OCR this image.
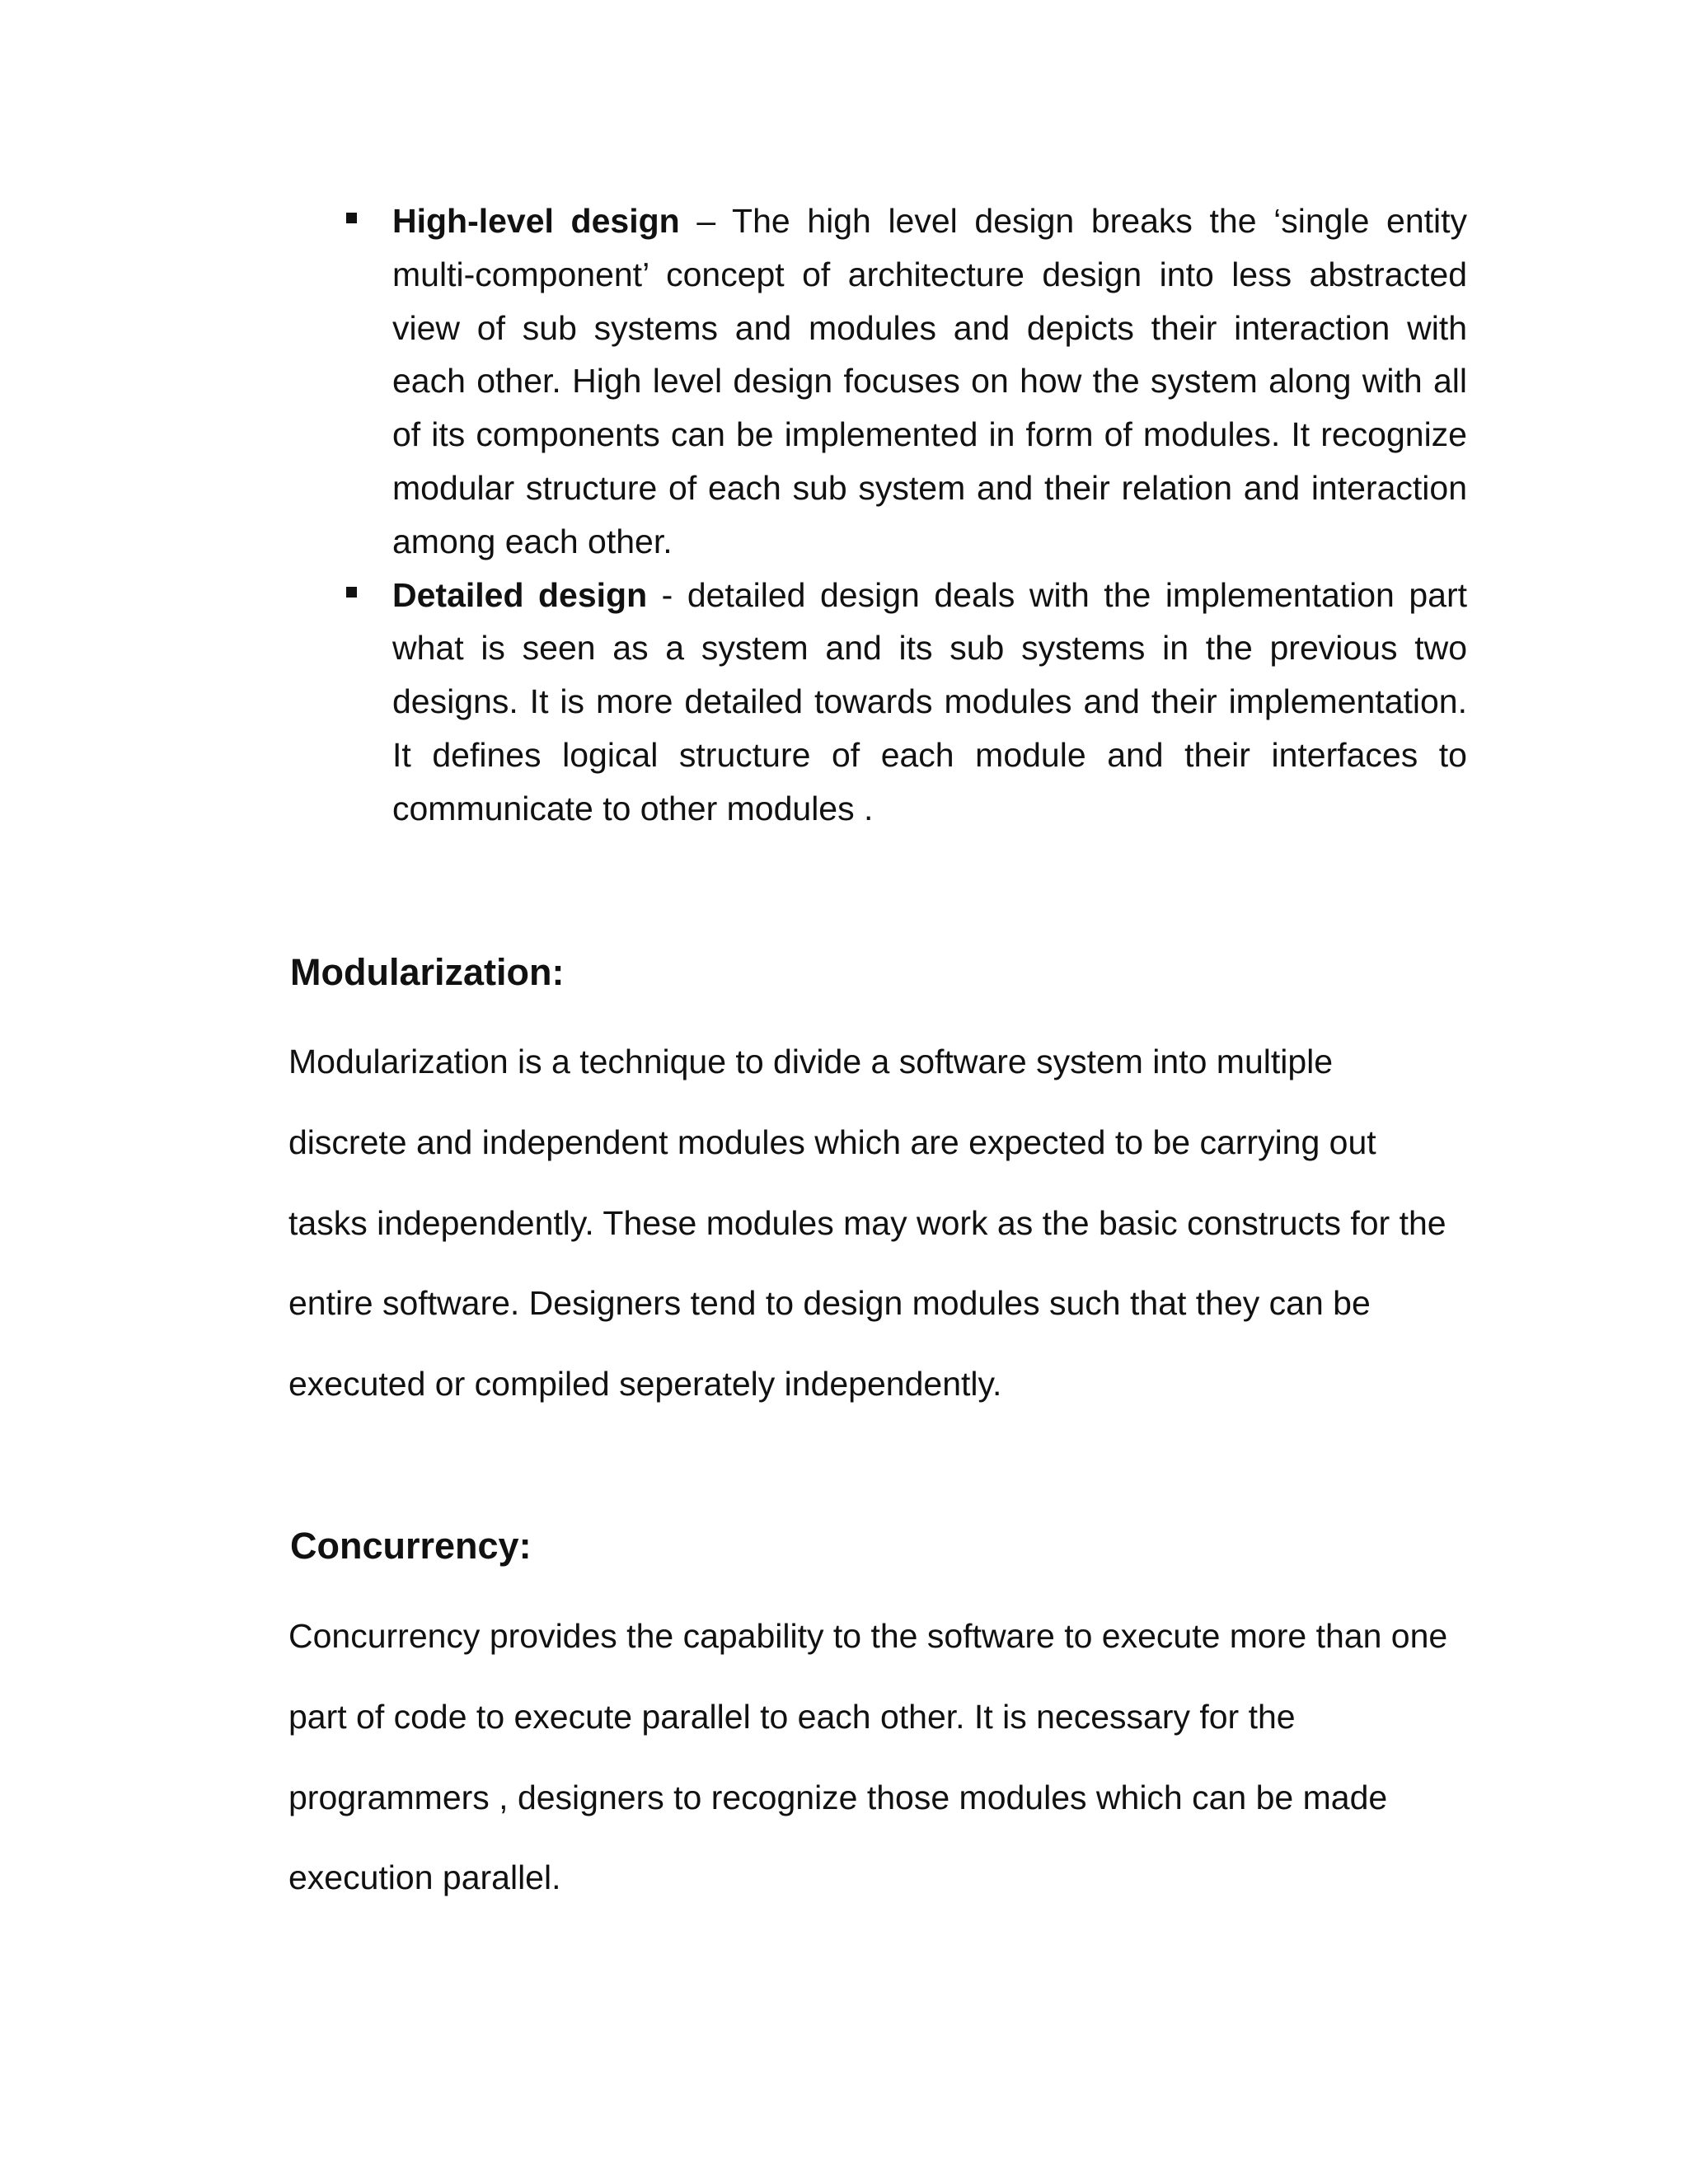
High-level design – The high level design breaks the ‘single entity multi-component’ concept of architecture design into less abstracted view of sub systems and modules and depicts their interaction with each other. High level design focuses on how the system along with all of its components can be implemented in form of modules. It recognize modular structure of each sub system and their relation and interaction among each other.
Detailed design - detailed design deals with the implementation part what is seen as a system and its sub systems in the previous two designs. It is more detailed towards modules and their implementation. It defines logical structure of each module and their interfaces to communicate to other modules .
Modularization:

Modularization is a technique to divide a software system into multiple discrete and independent modules which are expected to be carrying out tasks independently. These modules may work as the basic constructs for the entire software. Designers tend to design modules such that they can be executed or compiled seperately independently.

Concurrency:

Concurrency provides the capability to the software to execute more than one part of code to execute parallel to each other. It is necessary for the programmers , designers to recognize those modules which can be made execution parallel.
